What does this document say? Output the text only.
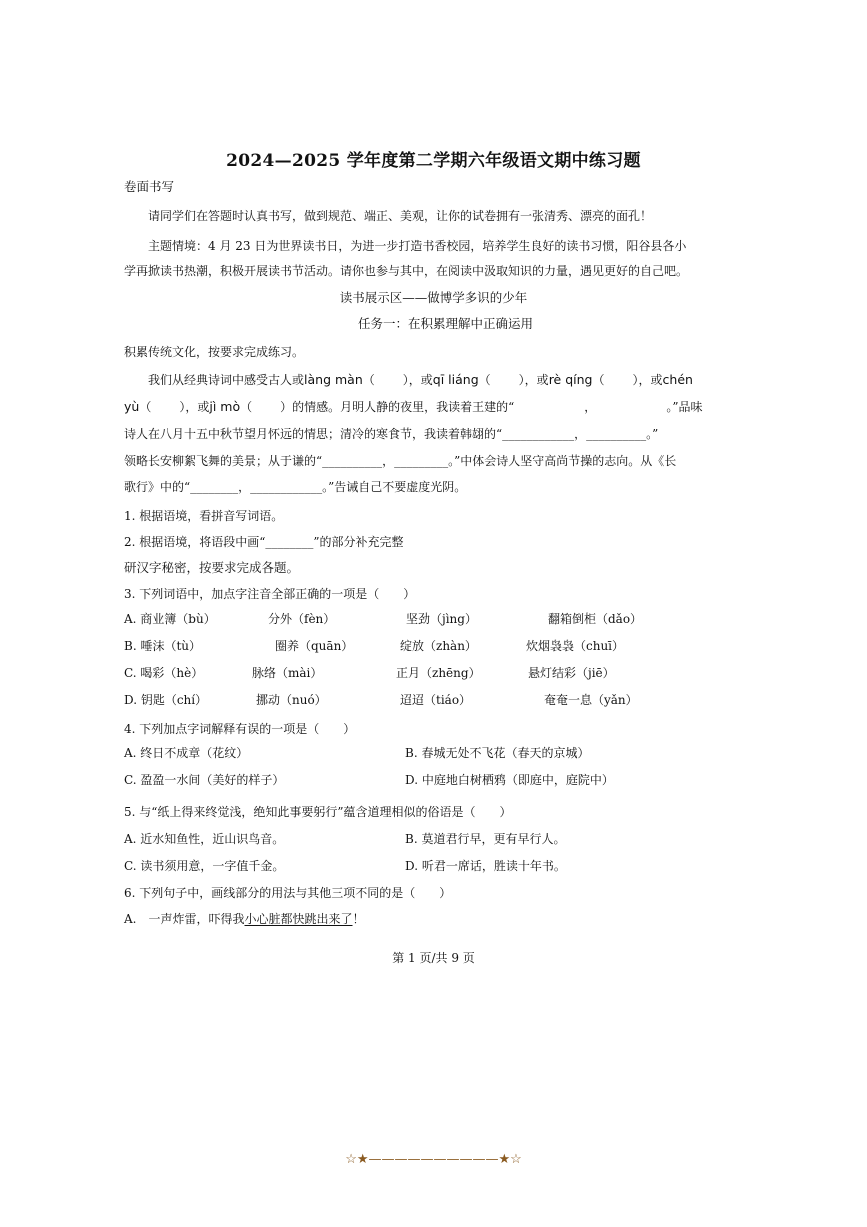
2024—2025 学年度第二学期六年级语文期中练习题
卷面书写
请同学们在答题时认真书写，做到规范、端正、美观，让你的试卷拥有一张清秀、漂亮的面孔！
主题情境：4 月 23 日为世界读书日，为进一步打造书香校园，培养学生良好的读书习惯，阳谷县各小
学再掀读书热潮，积极开展读书节活动。请你也参与其中，在阅读中汲取知识的力量，遇见更好的自己吧。
读书展示区——做博学多识的少年
任务一：在积累理解中正确运用
积累传统文化，按要求完成练习。
我们从经典诗词中感受古人或làng màn（ ），或qī liáng（ ），或rè qíng（ ），或chén
yù（ ），或jì mò（ ）的情感。月明人静的夜里，我读着王建的“	，	。”品味
诗人在八月十五中秋节望月怀远的情思；清冷的寒食节，我读着韩翃的“____________，__________。”
领略长安柳絮飞舞的美景；从于谦的“__________，_________。”中体会诗人坚守高尚节操的志向。从《长
歌行》中的“________，____________。”告诫自己不要虚度光阴。
1. 根据语境，看拼音写词语。
2. 根据语境，将语段中画“________”的部分补充完整
研汉字秘密，按要求完成各题。
3. 下列词语中，加点字注音全部正确的一项是（　　）
A. 商业簿（bù）	分外（fèn）	坚劲（jìng）	翻箱倒柜（dǎo）
B. 唾沫（tù）	圈养（quān）	绽放（zhàn）	炊烟袅袅（chuī）
C. 喝彩（hè）	脉络（mài）	正月（zhēng）	悬灯结彩（jiē）
D. 钥匙（chí）	挪动（nuó）	迢迢（tiáo）	奄奄一息（yǎn）
4. 下列加点字词解释有误的一项是（　　）
A. 终日不成章（花纹）	B. 春城无处不飞花（春天的京城）
C. 盈盈一水间（美好的样子）	D. 中庭地白树栖鸦（即庭中，庭院中）
5. 与“纸上得来终觉浅，绝知此事要躬行”蕴含道理相似的俗语是（　　）
A. 近水知鱼性，近山识鸟音。	B. 莫道君行早，更有早行人。
C. 读书须用意，一字值千金。	D. 听君一席话，胜读十年书。
6. 下列句子中，画线部分的用法与其他三项不同的是（　　）
A.　一声炸雷，吓得我小心脏都快跳出来了！
第 1 页/共 9 页
☆★——————————★☆
